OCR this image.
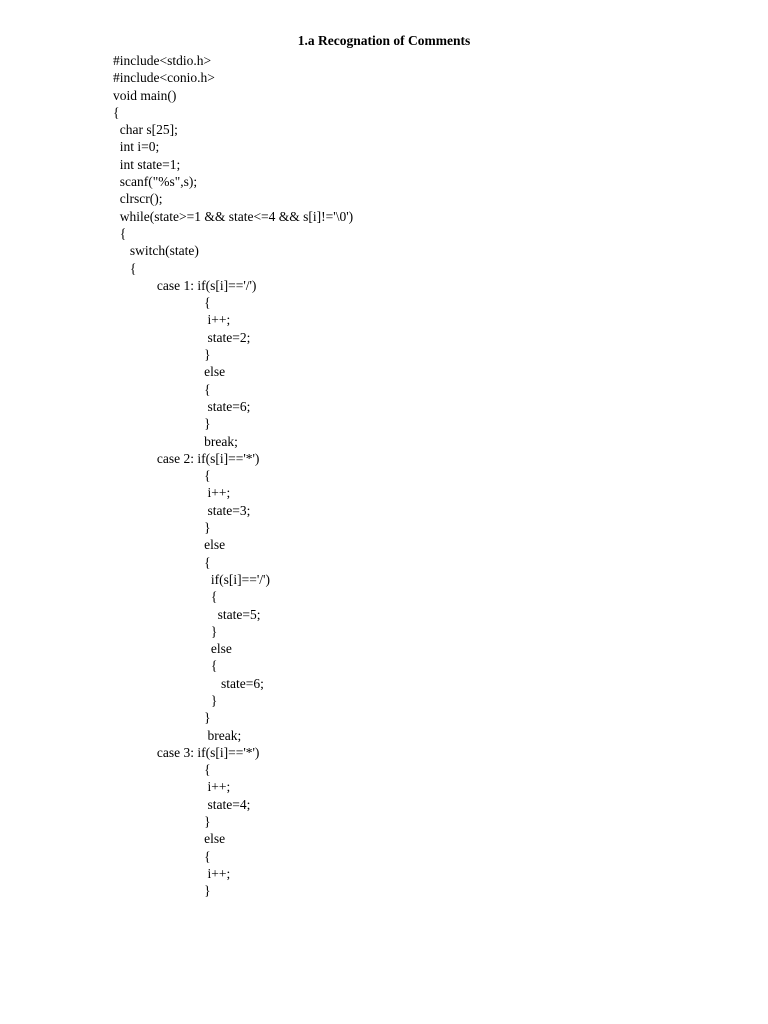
1.a Recognation of Comments
#include<stdio.h>
#include<conio.h>
void main()
{
char s[25];
int i=0;
int state=1;
scanf("%s",s);
clrscr();
while(state>=1 && state<=4 && s[i]!='\0')
{
switch(state)
{
case 1: if(s[i]=='/')
{
i++;
state=2;
}
else
{
state=6;
}
break;
case 2: if(s[i]=='*')
{
i++;
state=3;
}
else
{
if(s[i]=='/')
{
state=5;
}
else
{
state=6;
}
}
break;
case 3: if(s[i]=='*')
{
i++;
state=4;
}
else
{
i++;
}
